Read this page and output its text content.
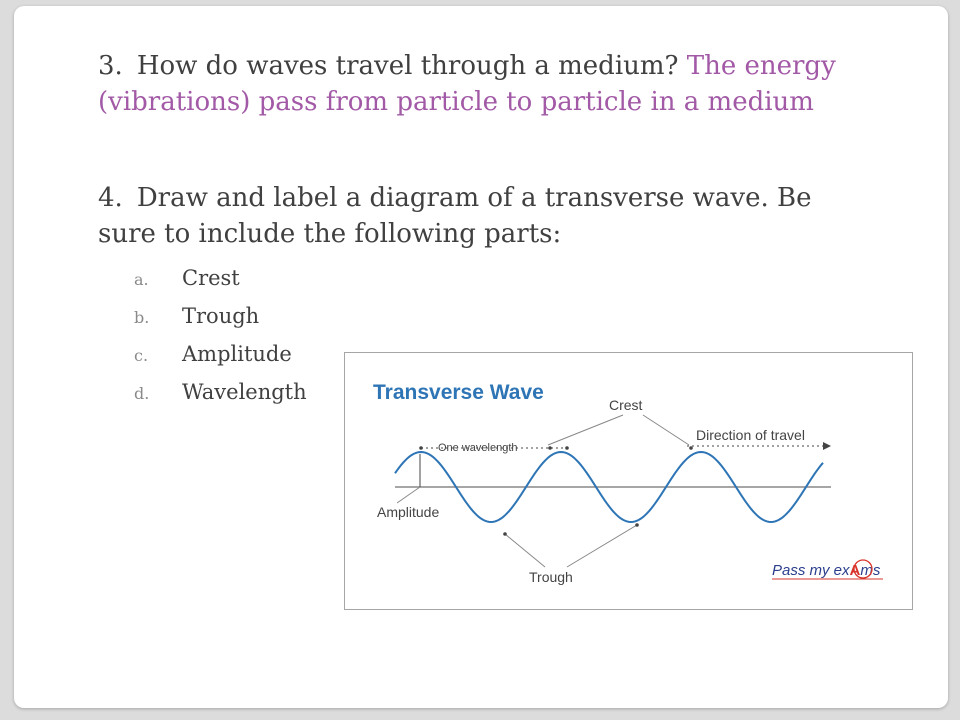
3. How do waves travel through a medium? The energy (vibrations) pass from particle to particle in a medium

4. Draw and label a diagram of a transverse wave. Be sure to include the following parts:

a. Crest
b. Trough
c. Amplitude
d. Wavelength	Transverse Wave
Amplitude
One wavelength
Crest
Trough
Direction of travel
Pass my exAms
